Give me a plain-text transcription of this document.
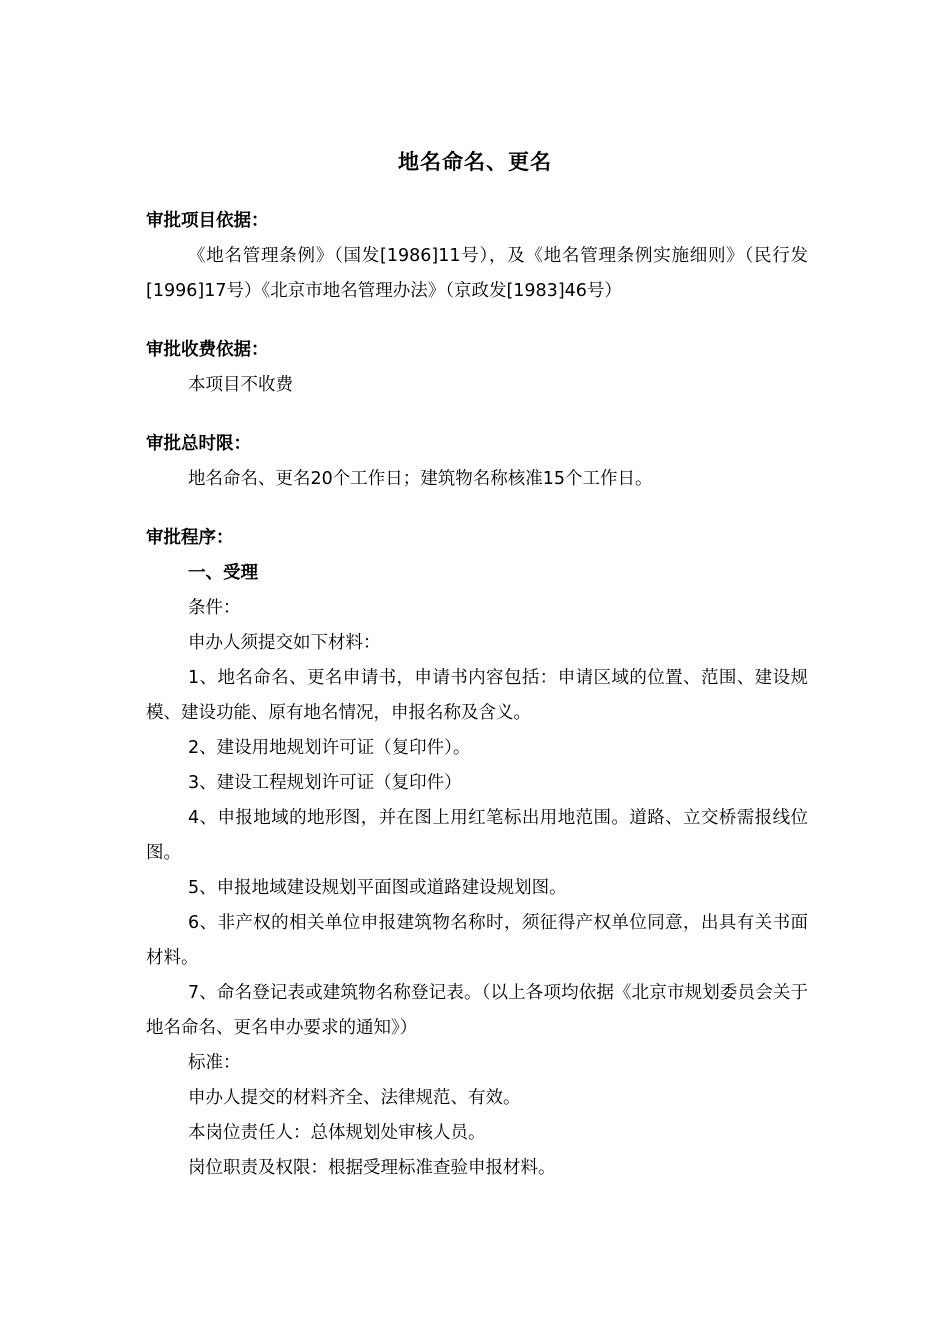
地名命名、更名

审批项目依据：

《地名管理条例》（国发[1986]11号），及《地名管理条例实施细则》（民行发[1996]17号）《北京市地名管理办法》（京政发[1983]46号）

审批收费依据：

本项目不收费

审批总时限：

地名命名、更名20个工作日；建筑物名称核准15个工作日。

审批程序：

一、受理

条件：

申办人须提交如下材料：

1、地名命名、更名申请书，申请书内容包括：申请区域的位置、范围、建设规模、建设功能、原有地名情况，申报名称及含义。

2、建设用地规划许可证（复印件）。

3、建设工程规划许可证（复印件）

4、申报地域的地形图，并在图上用红笔标出用地范围。道路、立交桥需报线位图。

5、申报地域建设规划平面图或道路建设规划图。

6、非产权的相关单位申报建筑物名称时，须征得产权单位同意，出具有关书面材料。

7、命名登记表或建筑物名称登记表。（以上各项均依据《北京市规划委员会关于地名命名、更名申办要求的通知》）

标准：

申办人提交的材料齐全、法律规范、有效。

本岗位责任人：总体规划处审核人员。

岗位职责及权限：根据受理标准查验申报材料。
